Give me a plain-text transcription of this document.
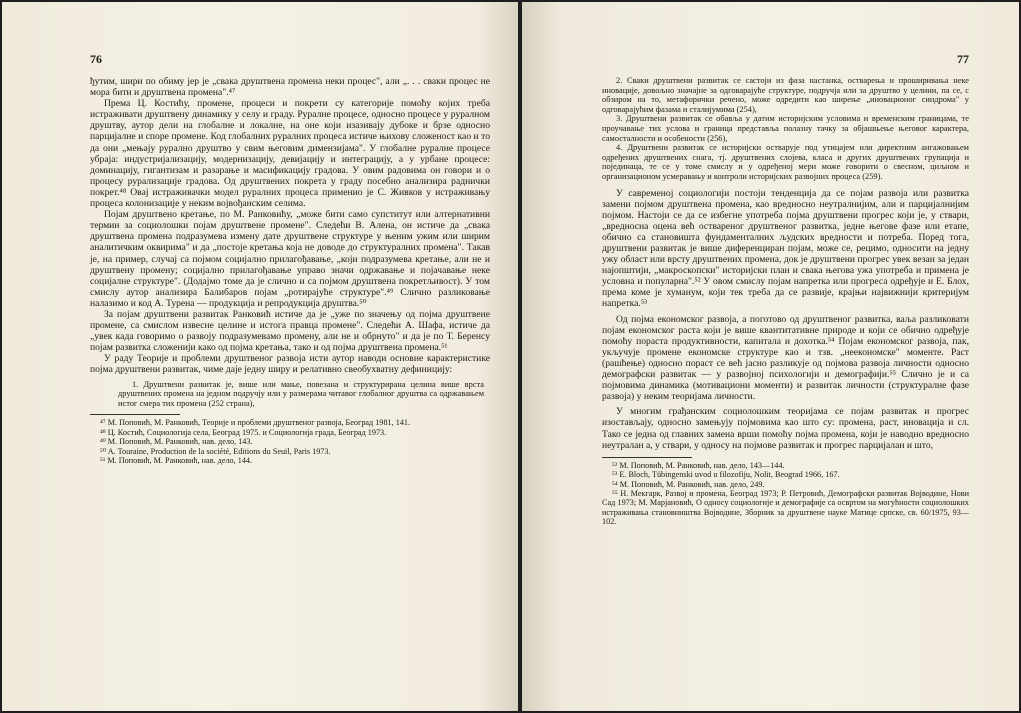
76

ђутим, шири по обиму јер је „свака друштвена промена неки процес", али „. . . сваки процес не мора бити и друштвена промена".⁴⁷

Према Ц. Костићу, промене, процеси и покрети су категорије помоћу којих треба истраживати друштвену динамику у селу и граду. Руралне процесе, односно процесе у руралном друштву, аутор дели на глобалне и локалне, на оне који изазивају дубоке и брзе односно парцијалне и споре промене. Код глобалних руралних процеса истиче њихову сложеност као и то да они „мењају рурално друштво у свим његовим димензијама". У глобалне руралне процесе убраја: индустријализацију, модернизацију, девијацију и интеграцију, а у урбане процесе: доминацију, гигантизам и разарање и масификацију градова. У овим радовима он говори и о процесу рурализације градова. Од друштвених покрета у граду посебно анализира раднички покрет.⁴⁸ Овај истраживачки модел руралних процеса применио је С. Живков у истраживању процеса колонизације у неким војвођанским селима.

Појам друштвено кретање, по М. Ранковићу, „може бити само супститут или алтернативни термин за социолошки појам друштвене промене". Следећи В. Алена, он истиче да „свака друштвена промена подразумева измену дате друштвене структуре у њеним ужим или ширим аналитичким оквирима" и да „постоје кретања која не доводе до структуралних промена". Такав је, на пример, случај са појмом социјално прилагођавање, „који подразумева кретање, али не и друштвену промену; социјално прилагођавање управо значи одржавање и појачавање неке социјалне структуре". (Додајмо томе да је слично и са појмом друштвена покретљивост). У том смислу аутор анализира Балибаров појам „ротирајуће структуре".⁴⁹ Слично разликовање налазимо и код А. Турена — продукција и репродукција друштва.⁵⁰

За појам друштвени развитак Ранковић истиче да је „уже по значењу од појма друштвене промене, са смислом извесне целине и истога правца промене". Следећи А. Шафа, истиче да „увек када говоримо о развоју подразумевамо промену, али не и обрнуто" и да је по Т. Беренсу појам развитка сложенији како од појма кретања, тако и од појма друштвена промена.⁵¹

У раду Теорије и проблеми друштвеног развоја исти аутор наводи основне карактеристике појма друштвени развитак, чиме даје једну ширу и релативно свеобухватну дефиницију:

1. Друштвени развитак је, више или мање, повезана и структурирана целина више врста друштвених промена на једном подручју или у размерама читавог глобалног друштва са одржавањем истог смера тих промена (252 страна),

⁴⁷ М. Поповић, М. Ранковић, Теорије и проблеми друштвеног развоја, Београд 1981, 141.

⁴⁸ Ц. Костић, Социологија села, Београд 1975. и Социологија града, Београд 1973.

⁴⁹ М. Поповић, М. Ранковић, нав. дело, 143.

⁵⁰ A. Touraine, Production de la société, Editions du Seuil, Paris 1973.

⁵¹ М. Поповић, М. Ранковић, нав. дело, 144.

77

2. Сваки друштвени развитак се састоји из фаза настанка, остварења и проширивања неке иновације, довољно значајне за одговарајуће структуре, подручја или за друштво у целини, па се, с обзиром на то, метафорички речено, може одредити као ширење „иновационог синдрома" у одговарајућим фазама и сталијумима (254),

3. Друштвени развитак се обавља у датим историјским условима и временским границама, те проучавање тих услова и граница представља полазну тачку за објашњење његовог карактера, самосталности и особености (256),

4. Друштвени развитак се историјски остварује под утицајем или директним ангажовањем одређених друштвених снага, тј. друштвених слојева, класа и других друштвених групација и појединаца, те се у томе смислу и у одређеној мери може говорити о свесном, циљном и организационом усмеравању и контроли историјских развојних процеса (259).

У савременој социологији постоји тенденција да се појам развоја или развитка замени појмом друштвена промена, као вредносно неутралнијим, али и парцијалнијим појмом. Настоји се да се избегне употреба појма друштвени прогрес који је, у ствари, „вредносна оцена већ оствареног друштвеног развитка, једне његове фазе или етапе, обично са становишта фундаменталних људских вредности и потреба. Поред тога, друштвени развитак је више диференциран појам, може се, рецимо, односити на једну ужу област или врсту друштвених промена, док је друштвени прогрес увек везан за један најопштији, „макроскопски" историјски план и свака његова ужа употреба и примена је условна и популарна".⁵² У овом смислу појам напретка или прогреса одређује и Е. Блох, према коме је хуманум, који тек треба да се развије, крајњи највижнији критеријум напретка.⁵³

Од појма економског развоја, а поготово од друштвеног развитка, ваља разликовати појам економског раста који је више квантитативне природе и који се обично одређује помоћу пораста продуктивности, капитала и дохотка.⁵⁴ Појам економског развоја, пак, укључује промене економске структуре као и тзв. „неекономске" моменте. Раст (рашћење) односно пораст се већ јасно разликује од појмова развоја личности односно демографски развитак — у развојној психологији и демографији.⁵⁵ Слично је и са појмовима динамика (мотивациони моменти) и развитак личности (структуралне фазе развоја) у неким теоријама личности.

У многим грађанским социолошким теоријама се појам развитак и прогрес изостављају, односно замењују појмовима као што су: промена, раст, иновација и сл. Тако се једна од главних замена врши помоћу појма промена, који је наводно вредносно неутралан а, у ствари, у односу на појмове развитак и прогрес парцијалан и што,

⁵² М. Поповић, М. Ранковић, нав. дело, 143—144.

⁵³ E. Bloch, Tübingenski uvod u filozofiju, Nolit, Beograd 1966, 167.

⁵⁴ М. Поповић, М. Ранковић, нав. дело, 249.

⁵⁵ Н. Мекгарк, Развој и промена, Београд 1973; Р. Петровић, Демографски развитак Војводине, Нови Сад 1973; М. Марјановић, О односу социологије и демографије са освртом на могућности социолошких истраживања становништва Војводине, Зборник за друштвене науке Матице српске, св. 60/1975, 93—102.
